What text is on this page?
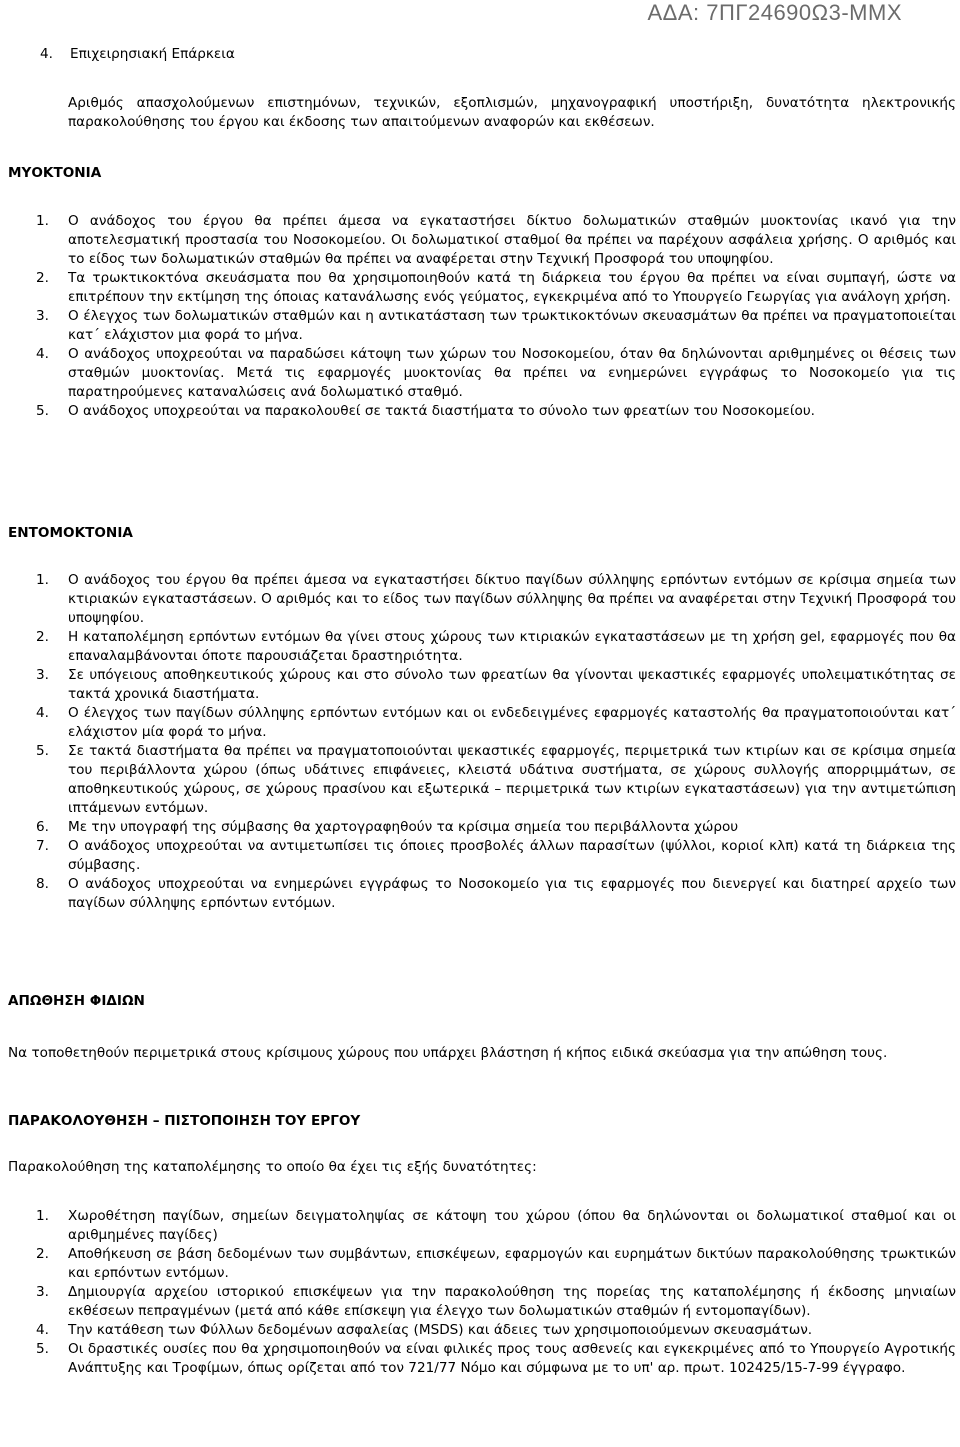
ΑΔΑ: 7ΠΓ24690Ω3-ΜΜΧ
4. Επιχειρησιακή Επάρκεια
Αριθμός απασχολούμενων επιστημόνων, τεχνικών, εξοπλισμών, μηχανογραφική υποστήριξη, δυνατότητα ηλεκτρονικής παρακολούθησης του έργου και έκδοσης των απαιτούμενων αναφορών και εκθέσεων.
ΜΥΟΚΤΟΝΙΑ
1. Ο ανάδοχος του έργου θα πρέπει άμεσα να εγκαταστήσει δίκτυο δολωματικών σταθμών μυοκτονίας ικανό για την αποτελεσματική προστασία του Νοσοκομείου. Οι δολωματικοί σταθμοί θα πρέπει να παρέχουν ασφάλεια χρήσης. Ο αριθμός και το είδος των δολωματικών σταθμών θα πρέπει να αναφέρεται στην Τεχνική Προσφορά του υποψηφίου.
2. Τα τρωκτικοκτόνα σκευάσματα που θα χρησιμοποιηθούν κατά τη διάρκεια του έργου θα πρέπει να είναι συμπαγή, ώστε να επιτρέπουν την εκτίμηση της όποιας κατανάλωσης ενός γεύματος, εγκεκριμένα από το Υπουργείο Γεωργίας για ανάλογη χρήση.
3. Ο έλεγχος των δολωματικών σταθμών και η αντικατάσταση των τρωκτικοκτόνων σκευασμάτων θα πρέπει να πραγματοποιείται κατ΄ ελάχιστον μια φορά το μήνα.
4. Ο ανάδοχος υποχρεούται να παραδώσει κάτοψη των χώρων του Νοσοκομείου, όταν θα δηλώνονται αριθμημένες οι θέσεις των σταθμών μυοκτονίας. Μετά τις εφαρμογές μυοκτονίας θα πρέπει να ενημερώνει εγγράφως το Νοσοκομείο για τις παρατηρούμενες καταναλώσεις ανά δολωματικό σταθμό.
5. Ο ανάδοχος υποχρεούται να παρακολουθεί σε τακτά διαστήματα το σύνολο των φρεατίων του Νοσοκομείου.
ΕΝΤΟΜΟΚΤΟΝΙΑ
1. Ο ανάδοχος του έργου θα πρέπει άμεσα να εγκαταστήσει δίκτυο παγίδων σύλληψης ερπόντων εντόμων σε κρίσιμα σημεία των κτιριακών εγκαταστάσεων. Ο αριθμός και το είδος των παγίδων σύλληψης θα πρέπει να αναφέρεται στην Τεχνική Προσφορά του υποψηφίου.
2. Η καταπολέμηση ερπόντων εντόμων θα γίνει στους χώρους των κτιριακών εγκαταστάσεων με τη χρήση gel, εφαρμογές που θα επαναλαμβάνονται όποτε παρουσιάζεται δραστηριότητα.
3. Σε υπόγειους αποθηκευτικούς χώρους και στο σύνολο των φρεατίων θα γίνονται ψεκαστικές εφαρμογές υπολειματικότητας σε τακτά χρονικά διαστήματα.
4. Ο έλεγχος των παγίδων σύλληψης ερπόντων εντόμων και οι ενδεδειγμένες εφαρμογές καταστολής θα πραγματοποιούνται κατ΄ ελάχιστον μία φορά το μήνα.
5. Σε τακτά διαστήματα θα πρέπει να πραγματοποιούνται ψεκαστικές εφαρμογές, περιμετρικά των κτιρίων και σε κρίσιμα σημεία του περιβάλλοντα χώρου (όπως υδάτινες επιφάνειες, κλειστά υδάτινα συστήματα, σε χώρους συλλογής απορριμμάτων, σε αποθηκευτικούς χώρους, σε χώρους πρασίνου και εξωτερικά – περιμετρικά των κτιρίων εγκαταστάσεων) για την αντιμετώπιση ιπτάμενων εντόμων.
6. Με την υπογραφή της σύμβασης θα χαρτογραφηθούν τα κρίσιμα σημεία του περιβάλλοντα χώρου
7. Ο ανάδοχος υποχρεούται να αντιμετωπίσει τις όποιες προσβολές άλλων παρασίτων (ψύλλοι, κοριοί κλπ) κατά τη διάρκεια της σύμβασης.
8. Ο ανάδοχος υποχρεούται να ενημερώνει εγγράφως το Νοσοκομείο για τις εφαρμογές που διενεργεί και διατηρεί αρχείο των παγίδων σύλληψης ερπόντων εντόμων.
ΑΠΩΘΗΣΗ ΦΙΔΙΩΝ
Να τοποθετηθούν περιμετρικά στους κρίσιμους χώρους που υπάρχει βλάστηση ή κήπος ειδικά σκεύασμα για την απώθηση τους.
ΠΑΡΑΚΟΛΟΥΘΗΣΗ – ΠΙΣΤΟΠΟΙΗΣΗ ΤΟΥ ΕΡΓΟΥ
Παρακολούθηση της καταπολέμησης το οποίο θα έχει τις εξής δυνατότητες:
1. Χωροθέτηση παγίδων, σημείων δειγματοληψίας σε κάτοψη του χώρου (όπου θα δηλώνονται οι δολωματικοί σταθμοί και οι αριθμημένες παγίδες)
2. Αποθήκευση σε βάση δεδομένων των συμβάντων, επισκέψεων, εφαρμογών και ευρημάτων δικτύων παρακολούθησης τρωκτικών και ερπόντων εντόμων.
3. Δημιουργία αρχείου ιστορικού επισκέψεων για την παρακολούθηση της πορείας της καταπολέμησης ή έκδοσης μηνιαίων εκθέσεων πεπραγμένων (μετά από κάθε επίσκεψη για έλεγχο των δολωματικών σταθμών ή εντομοπαγίδων).
4. Την κατάθεση των Φύλλων δεδομένων ασφαλείας (MSDS) και άδειες των χρησιμοποιούμενων σκευασμάτων.
5. Οι δραστικές ουσίες που θα χρησιμοποιηθούν να είναι φιλικές προς τους ασθενείς και εγκεκριμένες από το Υπουργείο Αγροτικής Ανάπτυξης και Τροφίμων, όπως ορίζεται από τον 721/77 Νόμο και σύμφωνα με το υπ' αρ. πρωτ. 102425/15-7-99 έγγραφο.
